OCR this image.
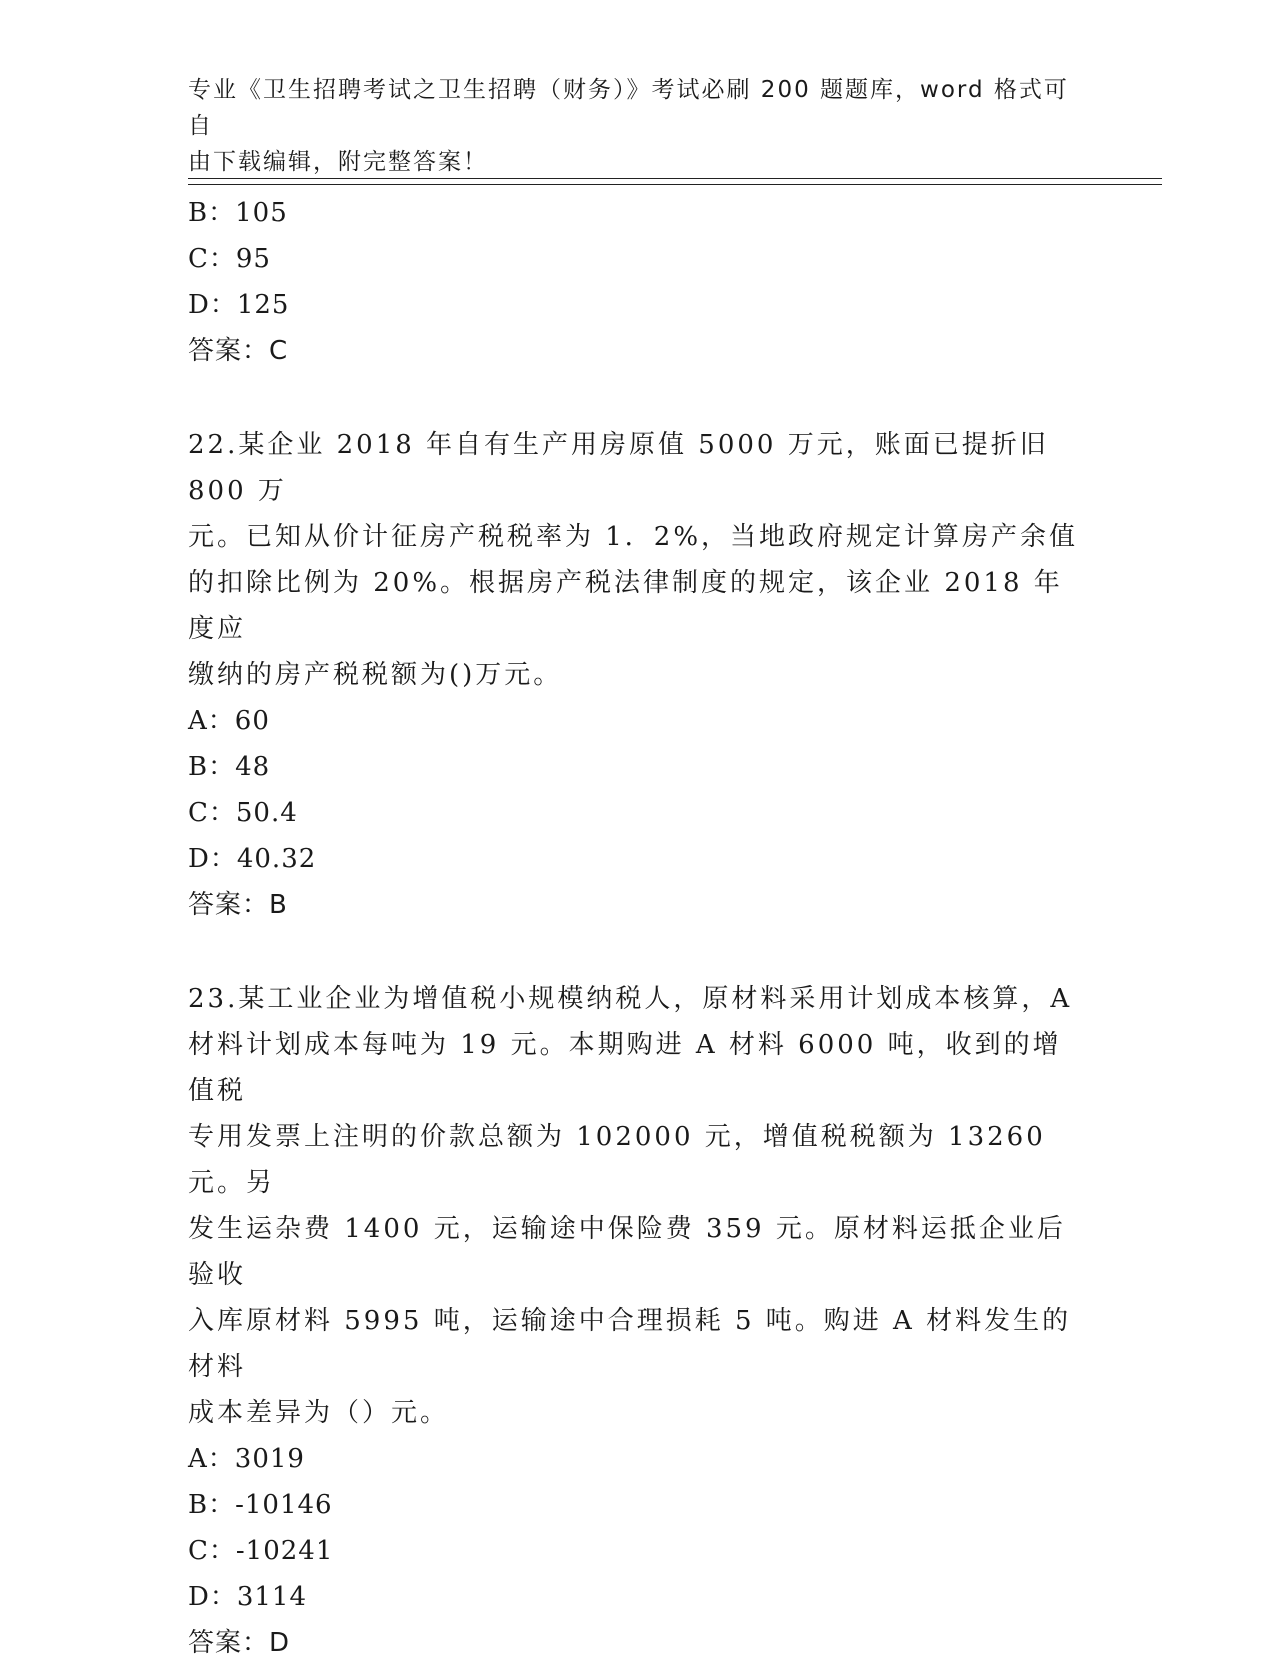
专业《卫生招聘考试之卫生招聘（财务）》考试必刷 200 题题库，word 格式可自
由下载编辑，附完整答案！
B：105
C：95
D：125
答案：C
22.某企业 2018 年自有生产用房原值 5000 万元，账面已提折旧 800 万
元。已知从价计征房产税税率为 1．2%，当地政府规定计算房产余值
的扣除比例为 20%。根据房产税法律制度的规定，该企业 2018 年度应
缴纳的房产税税额为()万元。
A：60
B：48
C：50.4
D：40.32
答案：B
23.某工业企业为增值税小规模纳税人，原材料采用计划成本核算，A
材料计划成本每吨为 19 元。本期购进 A 材料 6000 吨，收到的增值税
专用发票上注明的价款总额为 102000 元，增值税税额为 13260 元。另
发生运杂费 1400 元，运输途中保险费 359 元。原材料运抵企业后验收
入库原材料 5995 吨，运输途中合理损耗 5 吨。购进 A 材料发生的材料
成本差异为（）元。
A：3019
B：-10146
C：-10241
D：3114
答案：D
